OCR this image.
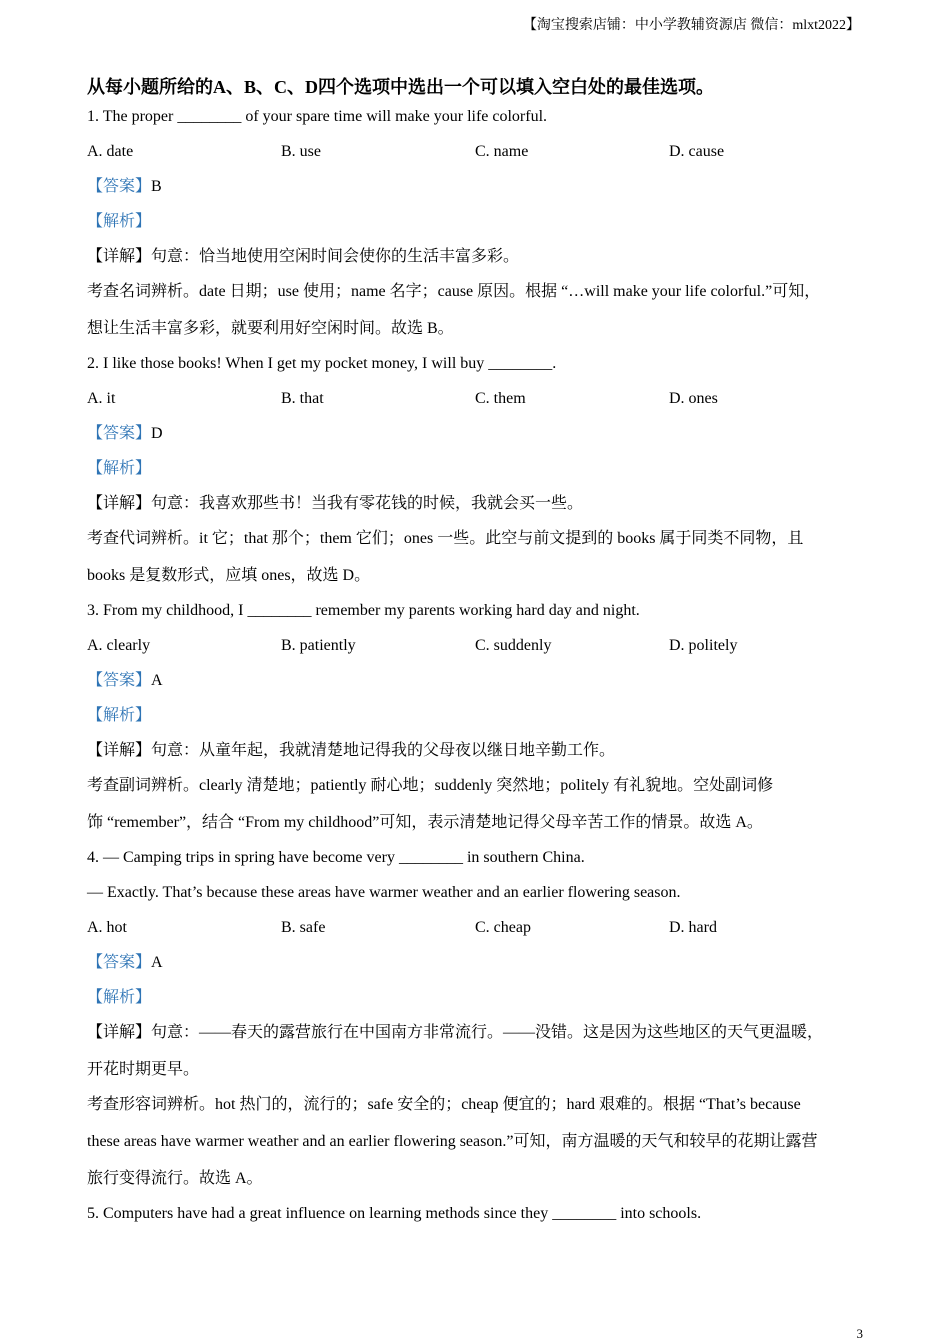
【淘宝搜索店铺：中小学教辅资源店 微信：mlxt2022】
从每小题所给的A、B、C、D四个选项中选出一个可以填入空白处的最佳选项。
1. The proper ________ of your spare time will make your life colorful.
A. date	B. use	C. name	D. cause
【答案】B
【解析】
【详解】句意：恰当地使用空闲时间会使你的生活丰富多彩。
考查名词辨析。date 日期；use 使用；name 名字；cause 原因。根据 “…will make your life colorful.”可知，
想让生活丰富多彩，就要利用好空闲时间。故选 B。
2. I like those books! When I get my pocket money, I will buy ________.
A. it	B. that	C. them	D. ones
【答案】D
【解析】
【详解】句意：我喜欢那些书！当我有零花钱的时候，我就会买一些。
考查代词辨析。it 它；that 那个；them 它们；ones 一些。此空与前文提到的 books 属于同类不同物，且
books 是复数形式，应填 ones，故选 D。
3. From my childhood, I ________ remember my parents working hard day and night.
A. clearly	B. patiently	C. suddenly	D. politely
【答案】A
【解析】
【详解】句意：从童年起，我就清楚地记得我的父母夜以继日地辛勤工作。
考查副词辨析。clearly 清楚地；patiently 耐心地；suddenly 突然地；politely 有礼貌地。空处副词修
饰 “remember”，结合 “From my childhood”可知，表示清楚地记得父母辛苦工作的情景。故选 A。
4. — Camping trips in spring have become very ________ in southern China.
— Exactly. That’s because these areas have warmer weather and an earlier flowering season.
A. hot	B. safe	C. cheap	D. hard
【答案】A
【解析】
【详解】句意：——春天的露营旅行在中国南方非常流行。——没错。这是因为这些地区的天气更温暖，
开花时期更早。
考查形容词辨析。hot 热门的，流行的；safe 安全的；cheap 便宜的；hard 艰难的。根据 “That’s because
these areas have warmer weather and an earlier flowering season.”可知，南方温暖的天气和较早的花期让露营
旅行变得流行。故选 A。
5. Computers have had a great influence on learning methods since they ________ into schools.
3
